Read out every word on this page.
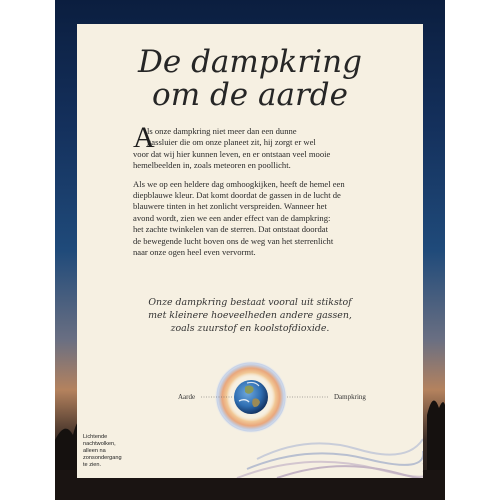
De dampkring
om de aarde

A
ls onze dampkring niet meer dan een dunne
gassluier die om onze planeet zit, hij zorgt er wel
voor dat wij hier kunnen leven, en er ontstaan veel mooie
hemelbeelden in, zoals meteoren en poollicht.

Als we op een heldere dag omhoogkijken, heeft de hemel een
diepblauwe kleur. Dat komt doordat de gassen in de lucht de
blauwere tinten in het zonlicht verspreiden. Wanneer het
avond wordt, zien we een ander effect van de dampkring:
het zachte twinkelen van de sterren. Dat ontstaat doordat
de bewegende lucht boven ons de weg van het sterrenlicht
naar onze ogen heel even vervormt.

Onze dampkring bestaat vooral uit stikstof
met kleinere hoeveelheden andere gassen,
zoals zuurstof en koolstofdioxide.
Aarde	Dampkring
Lichtende
nachtwolken,
alleen na
zonsondergang
te zien.
